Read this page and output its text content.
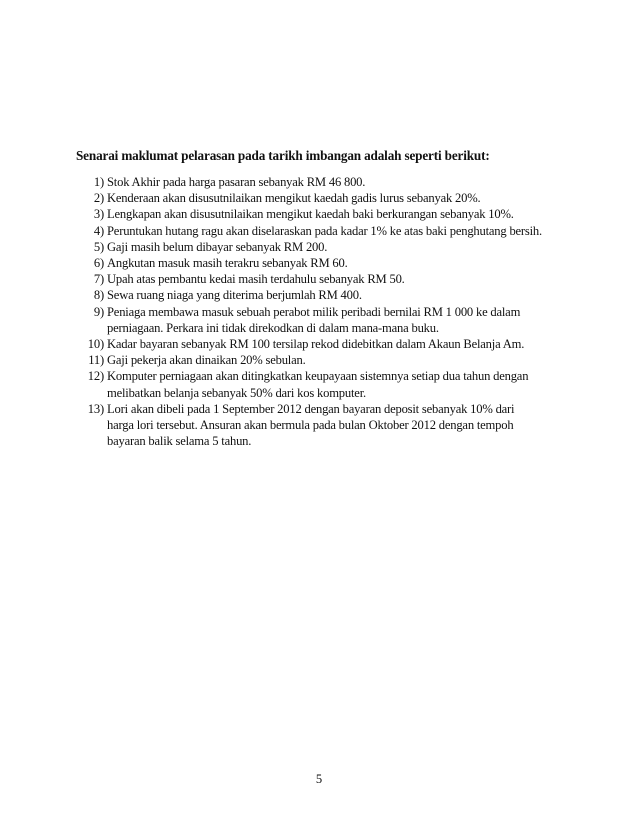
Senarai maklumat pelarasan pada tarikh imbangan adalah seperti berikut:
1) Stok Akhir pada harga pasaran sebanyak RM 46 800.
2) Kenderaan akan disusutnilaikan mengikut kaedah gadis lurus sebanyak 20%.
3) Lengkapan akan disusutnilaikan mengikut kaedah baki berkurangan sebanyak 10%.
4) Peruntukan hutang ragu akan diselaraskan pada kadar 1% ke atas baki penghutang bersih.
5) Gaji masih belum dibayar sebanyak RM 200.
6) Angkutan masuk masih terakru sebanyak RM 60.
7) Upah atas pembantu kedai masih terdahulu sebanyak RM 50.
8) Sewa ruang niaga yang diterima berjumlah RM 400.
9) Peniaga membawa masuk sebuah perabot milik peribadi bernilai RM 1 000 ke dalam
perniagaan. Perkara ini tidak direkodkan di dalam mana-mana buku.
10) Kadar bayaran sebanyak RM 100 tersilap rekod didebitkan dalam Akaun Belanja Am.
11) Gaji pekerja akan dinaikan 20% sebulan.
12) Komputer perniagaan akan ditingkatkan keupayaan sistemnya setiap dua tahun dengan
melibatkan belanja sebanyak 50% dari kos komputer.
13) Lori akan dibeli pada 1 September 2012 dengan bayaran deposit sebanyak 10% dari
harga lori tersebut. Ansuran akan bermula pada bulan Oktober 2012 dengan tempoh
bayaran balik selama 5 tahun.
5
